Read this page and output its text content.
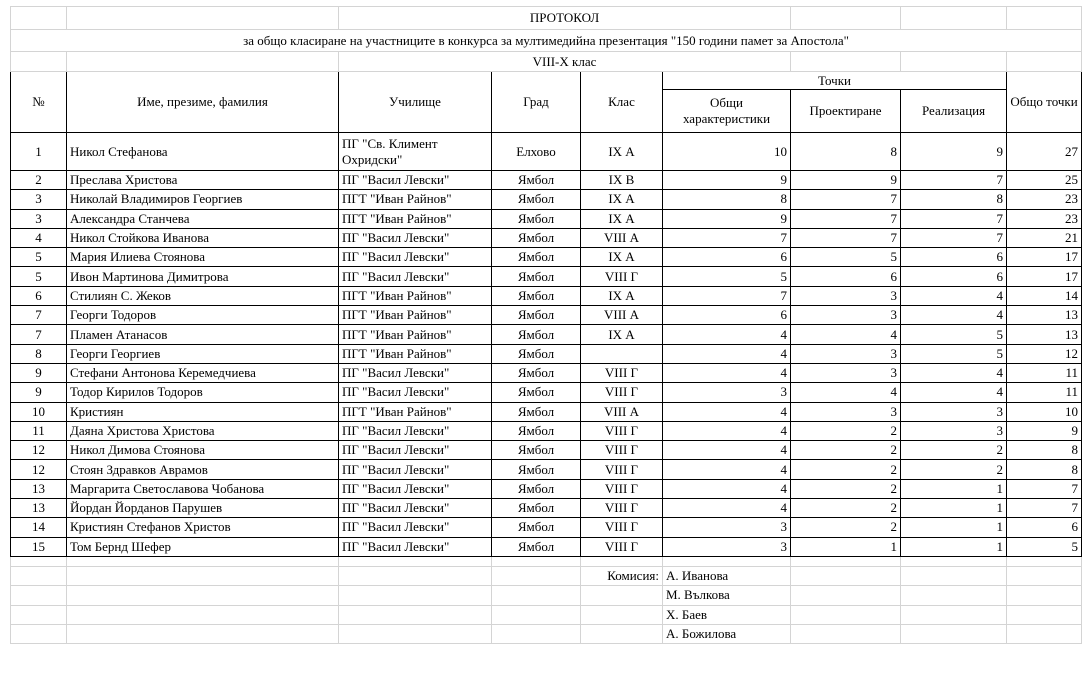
		ПРОТОКОЛ						
за общо класиране на участниците в конкурса за мултимедийна презентация "150 години памет за Апостола"								
		VIII-X клас						
№	Име, презиме, фамилия	Училище	Град	Клас	Точки			Общо точки
					Общи характеристики	Проектиране	Реализация	
1	Никол Стефанова	ПГ "Св. Климент Охридски"	Елхово	IX А	10	8	9	27
2	Преслава Христова	ПГ "Васил Левски"	Ямбол	IX В	9	9	7	25
3	Николай Владимиров Георгиев	ПГТ "Иван Райнов"	Ямбол	IX А	8	7	8	23
3	Александра Станчева	ПГТ "Иван Райнов"	Ямбол	IX А	9	7	7	23
4	Никол Стойкова Иванова	ПГ "Васил Левски"	Ямбол	VIII А	7	7	7	21
5	Мария Илиева Стоянова	ПГ "Васил Левски"	Ямбол	IX А	6	5	6	17
5	Ивон Мартинова Димитрова	ПГ "Васил Левски"	Ямбол	VIII Г	5	6	6	17
6	Стилиян С. Жеков	ПГТ "Иван Райнов"	Ямбол	IX А	7	3	4	14
7	Георги Тодоров	ПГТ "Иван Райнов"	Ямбол	VIII А	6	3	4	13
7	Пламен Атанасов	ПГТ "Иван Райнов"	Ямбол	IX А	4	4	5	13
8	Георги Георгиев	ПГТ "Иван Райнов"	Ямбол		4	3	5	12
9	Стефани Антонова Керемедчиева	ПГ "Васил Левски"	Ямбол	VIII Г	4	3	4	11
9	Тодор Кирилов Тодоров	ПГ "Васил Левски"	Ямбол	VIII Г	3	4	4	11
10	Кристиян	ПГТ "Иван Райнов"	Ямбол	VIII А	4	3	3	10
11	Даяна Христова Христова	ПГ "Васил Левски"	Ямбол	VIII Г	4	2	3	9
12	Никол Димова Стоянова	ПГ "Васил Левски"	Ямбол	VIII Г	4	2	2	8
12	Стоян Здравков Аврамов	ПГ "Васил Левски"	Ямбол	VIII Г	4	2	2	8
13	Маргарита Светославова Чобанова	ПГ "Васил Левски"	Ямбол	VIII Г	4	2	1	7
13	Йордан Йорданов Парушев	ПГ "Васил Левски"	Ямбол	VIII Г	4	2	1	7
14	Кристиян Стефанов Христов	ПГ "Васил Левски"	Ямбол	VIII Г	3	2	1	6
15	Том Бернд Шефер	ПГ "Васил Левски"	Ямбол	VIII Г	3	1	1	5

				Комисия:	А. Иванова			
					М. Вълкова			
					Х. Баев			
					А. Божилова			
